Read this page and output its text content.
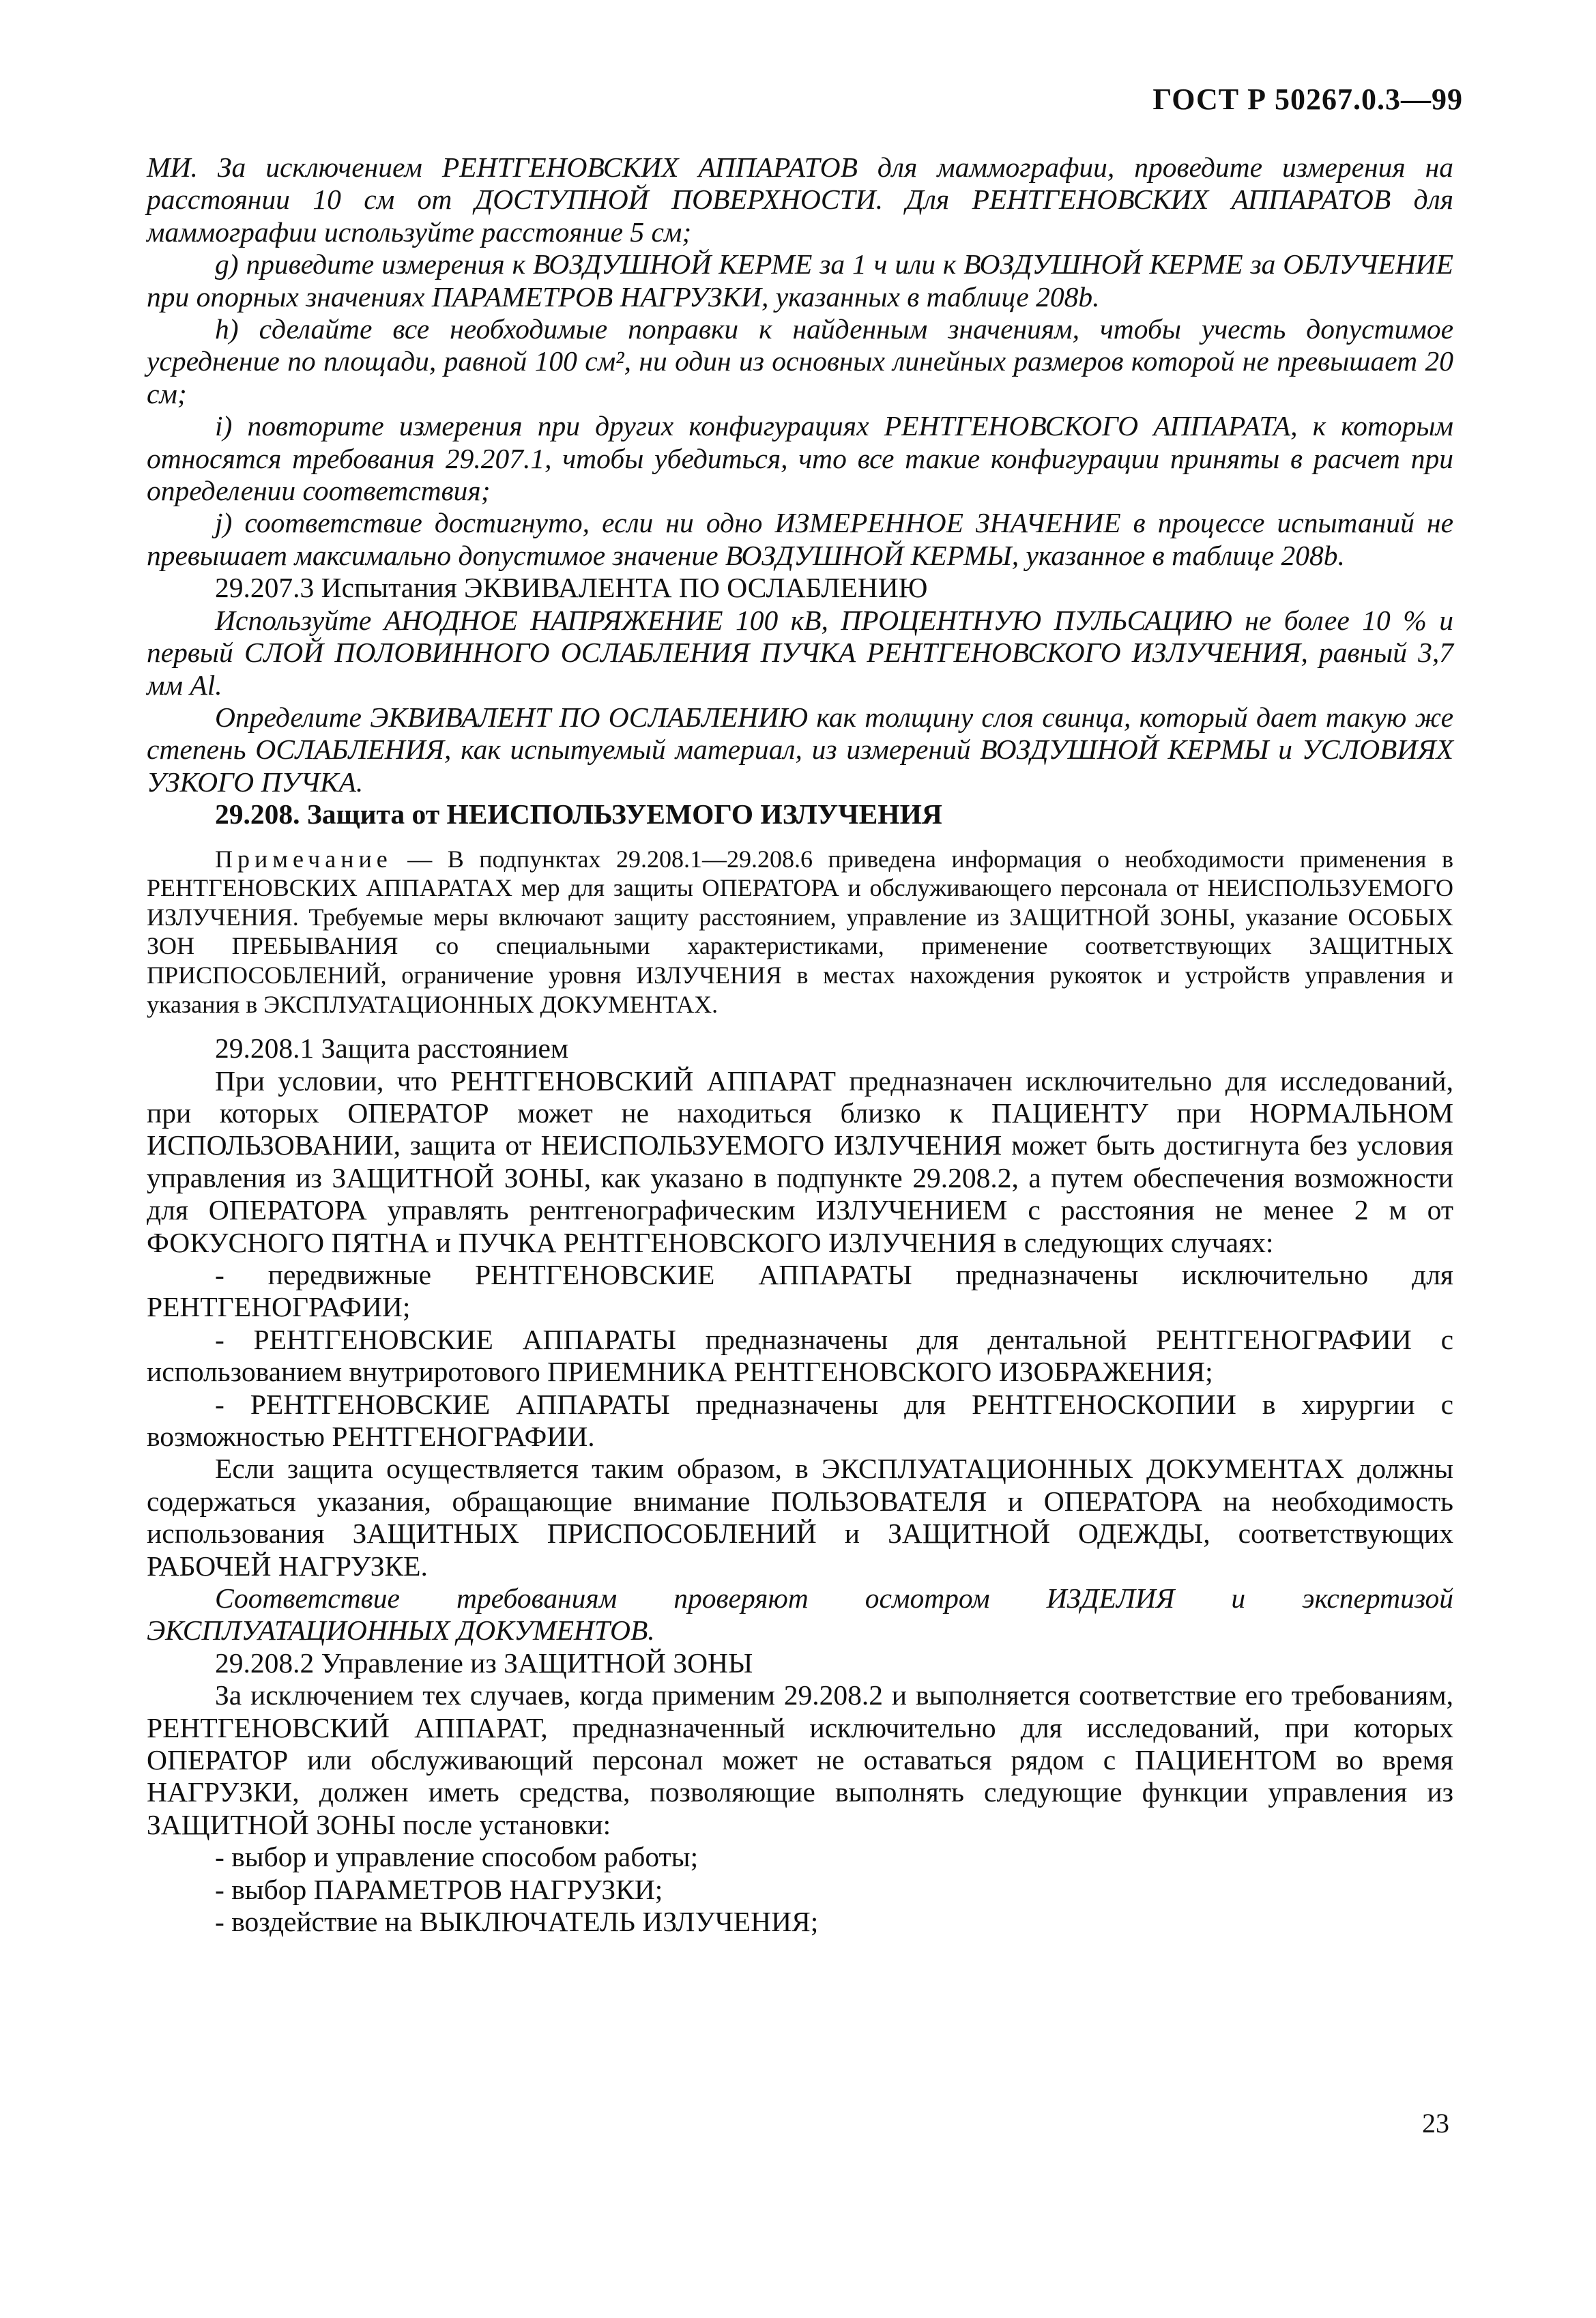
ГОСТ Р 50267.0.3—99

МИ. За исключением РЕНТГЕНОВСКИХ АППАРАТОВ для маммографии, проведите измерения на расстоянии 10 см от ДОСТУПНОЙ ПОВЕРХНОСТИ. Для РЕНТГЕНОВСКИХ АППАРАТОВ для маммографии используйте расстояние 5 см;

g) приведите измерения к ВОЗДУШНОЙ КЕРМЕ за 1 ч или к ВОЗДУШНОЙ КЕРМЕ за ОБЛУЧЕНИЕ при опорных значениях ПАРАМЕТРОВ НАГРУЗКИ, указанных в таблице 208b.

h) сделайте все необходимые поправки к найденным значениям, чтобы учесть допустимое усреднение по площади, равной 100 см², ни один из основных линейных размеров которой не превышает 20 см;

i) повторите измерения при других конфигурациях РЕНТГЕНОВСКОГО АППАРАТА, к которым относятся требования 29.207.1, чтобы убедиться, что все такие конфигурации приняты в расчет при определении соответствия;

j) соответствие достигнуто, если ни одно ИЗМЕРЕННОЕ ЗНАЧЕНИЕ в процессе испытаний не превышает максимально допустимое значение ВОЗДУШНОЙ КЕРМЫ, указанное в таблице 208b.

29.207.3 Испытания ЭКВИВАЛЕНТА ПО ОСЛАБЛЕНИЮ

Используйте АНОДНОЕ НАПРЯЖЕНИЕ 100 кВ, ПРОЦЕНТНУЮ ПУЛЬСАЦИЮ не более 10 % и первый СЛОЙ ПОЛОВИННОГО ОСЛАБЛЕНИЯ ПУЧКА РЕНТГЕНОВСКОГО ИЗЛУЧЕНИЯ, равный 3,7 мм Al.

Определите ЭКВИВАЛЕНТ ПО ОСЛАБЛЕНИЮ как толщину слоя свинца, который дает такую же степень ОСЛАБЛЕНИЯ, как испытуемый материал, из измерений ВОЗДУШНОЙ КЕРМЫ и УСЛОВИЯХ УЗКОГО ПУЧКА.

29.208. Защита от НЕИСПОЛЬЗУЕМОГО ИЗЛУЧЕНИЯ

Примечание — В подпунктах 29.208.1—29.208.6 приведена информация о необходимости применения в РЕНТГЕНОВСКИХ АППАРАТАХ мер для защиты ОПЕРАТОРА и обслуживающего персонала от НЕИСПОЛЬЗУЕМОГО ИЗЛУЧЕНИЯ. Требуемые меры включают защиту расстоянием, управление из ЗАЩИТНОЙ ЗОНЫ, указание ОСОБЫХ ЗОН ПРЕБЫВАНИЯ со специальными характеристиками, применение соответствующих ЗАЩИТНЫХ ПРИСПОСОБЛЕНИЙ, ограничение уровня ИЗЛУЧЕНИЯ в местах нахождения рукояток и устройств управления и указания в ЭКСПЛУАТАЦИОННЫХ ДОКУМЕНТАХ.

29.208.1 Защита расстоянием

При условии, что РЕНТГЕНОВСКИЙ АППАРАТ предназначен исключительно для исследований, при которых ОПЕРАТОР может не находиться близко к ПАЦИЕНТУ при НОРМАЛЬНОМ ИСПОЛЬЗОВАНИИ, защита от НЕИСПОЛЬЗУЕМОГО ИЗЛУЧЕНИЯ может быть достигнута без условия управления из ЗАЩИТНОЙ ЗОНЫ, как указано в подпункте 29.208.2, а путем обеспечения возможности для ОПЕРАТОРА управлять рентгенографическим ИЗЛУЧЕНИЕМ с расстояния не менее 2 м от ФОКУСНОГО ПЯТНА и ПУЧКА РЕНТГЕНОВСКОГО ИЗЛУЧЕНИЯ в следующих случаях:

- передвижные РЕНТГЕНОВСКИЕ АППАРАТЫ предназначены исключительно для РЕНТГЕНОГРАФИИ;

- РЕНТГЕНОВСКИЕ АППАРАТЫ предназначены для дентальной РЕНТГЕНОГРАФИИ с использованием внутриротового ПРИЕМНИКА РЕНТГЕНОВСКОГО ИЗОБРАЖЕНИЯ;

- РЕНТГЕНОВСКИЕ АППАРАТЫ предназначены для РЕНТГЕНОСКОПИИ в хирургии с возможностью РЕНТГЕНОГРАФИИ.

Если защита осуществляется таким образом, в ЭКСПЛУАТАЦИОННЫХ ДОКУМЕНТАХ должны содержаться указания, обращающие внимание ПОЛЬЗОВАТЕЛЯ и ОПЕРАТОРА на необходимость использования ЗАЩИТНЫХ ПРИСПОСОБЛЕНИЙ и ЗАЩИТНОЙ ОДЕЖДЫ, соответствующих РАБОЧЕЙ НАГРУЗКЕ.

Соответствие требованиям проверяют осмотром ИЗДЕЛИЯ и экспертизой ЭКСПЛУАТАЦИОННЫХ ДОКУМЕНТОВ.

29.208.2 Управление из ЗАЩИТНОЙ ЗОНЫ

За исключением тех случаев, когда применим 29.208.2 и выполняется соответствие его требованиям, РЕНТГЕНОВСКИЙ АППАРАТ, предназначенный исключительно для исследований, при которых ОПЕРАТОР или обслуживающий персонал может не оставаться рядом с ПАЦИЕНТОМ во время НАГРУЗКИ, должен иметь средства, позволяющие выполнять следующие функции управления из ЗАЩИТНОЙ ЗОНЫ после установки:

- выбор и управление способом работы;

- выбор ПАРАМЕТРОВ НАГРУЗКИ;

- воздействие на ВЫКЛЮЧАТЕЛЬ ИЗЛУЧЕНИЯ;

23
